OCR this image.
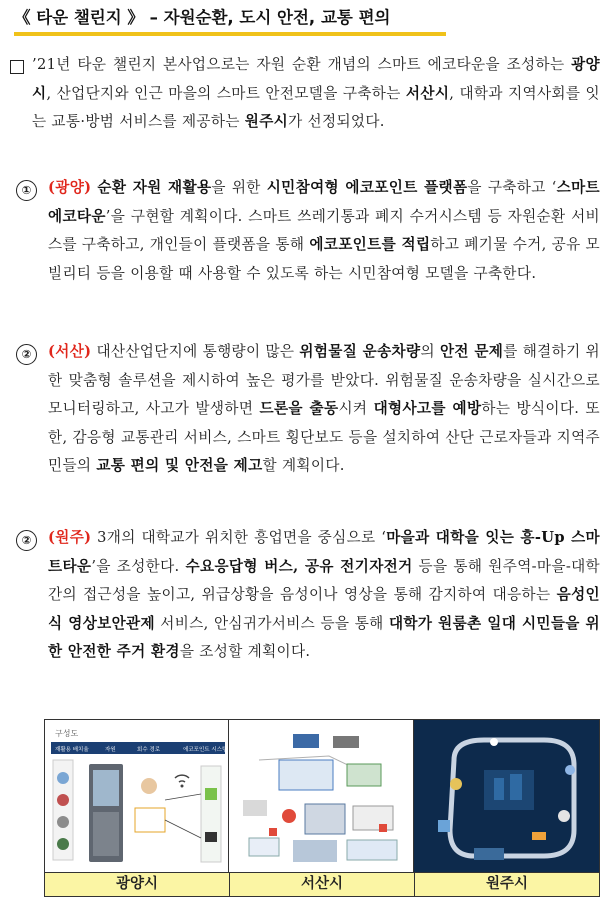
《 타운 챌린지 》 – 자원순환, 도시 안전, 교통 편의
’21년 타운 챌린지 본사업으로는 자원 순환 개념의 스마트 에코타운을 조성하는 광양시, 산업단지와 인근 마을의 스마트 안전모델을 구축하는 서산시, 대학과 지역사회를 잇는 교통·방범 서비스를 제공하는 원주시가 선정되었다.
①	(광양) 순환 자원 재활용을 위한 시민참여형 에코포인트 플랫폼을 구축하고 ‘스마트 에코타운’을 구현할 계획이다. 스마트 쓰레기통과 폐지 수거시스템 등 자원순환 서비스를 구축하고, 개인들이 플랫폼을 통해 에코포인트를 적립하고 폐기물 수거, 공유 모빌리티 등을 이용할 때 사용할 수 있도록 하는 시민참여형 모델을 구축한다.
②	(서산) 대산산업단지에 통행량이 많은 위험물질 운송차량의 안전 문제를 해결하기 위한 맞춤형 솔루션을 제시하여 높은 평가를 받았다. 위험물질 운송차량을 실시간으로 모니터링하고, 사고가 발생하면 드론을 출동시켜 대형사고를 예방하는 방식이다. 또한, 감응형 교통관리 서비스, 스마트 횡단보도 등을 설치하여 산단 근로자들과 지역주민들의 교통 편의 및 안전을 제고할 계획이다.
②	(원주) 3개의 대학교가 위치한 흥업면을 중심으로 ‘마을과 대학을 잇는 흥-Up 스마트타운’을 조성한다. 수요응답형 버스, 공유 전기자전거 등을 통해 원주역-마을-대학 간의 접근성을 높이고, 위급상황을 음성이나 영상을 통해 감지하여 대응하는 음성인식 영상보안관제 서비스, 안심귀가서비스 등을 통해 대학가 원룸촌 일대 시민들을 위한 안전한 주거 환경을 조성할 계획이다.
구성도
재활용 배치율	자원	회수 경로	에코포인트 시스템
광양시	서산시	원주시
